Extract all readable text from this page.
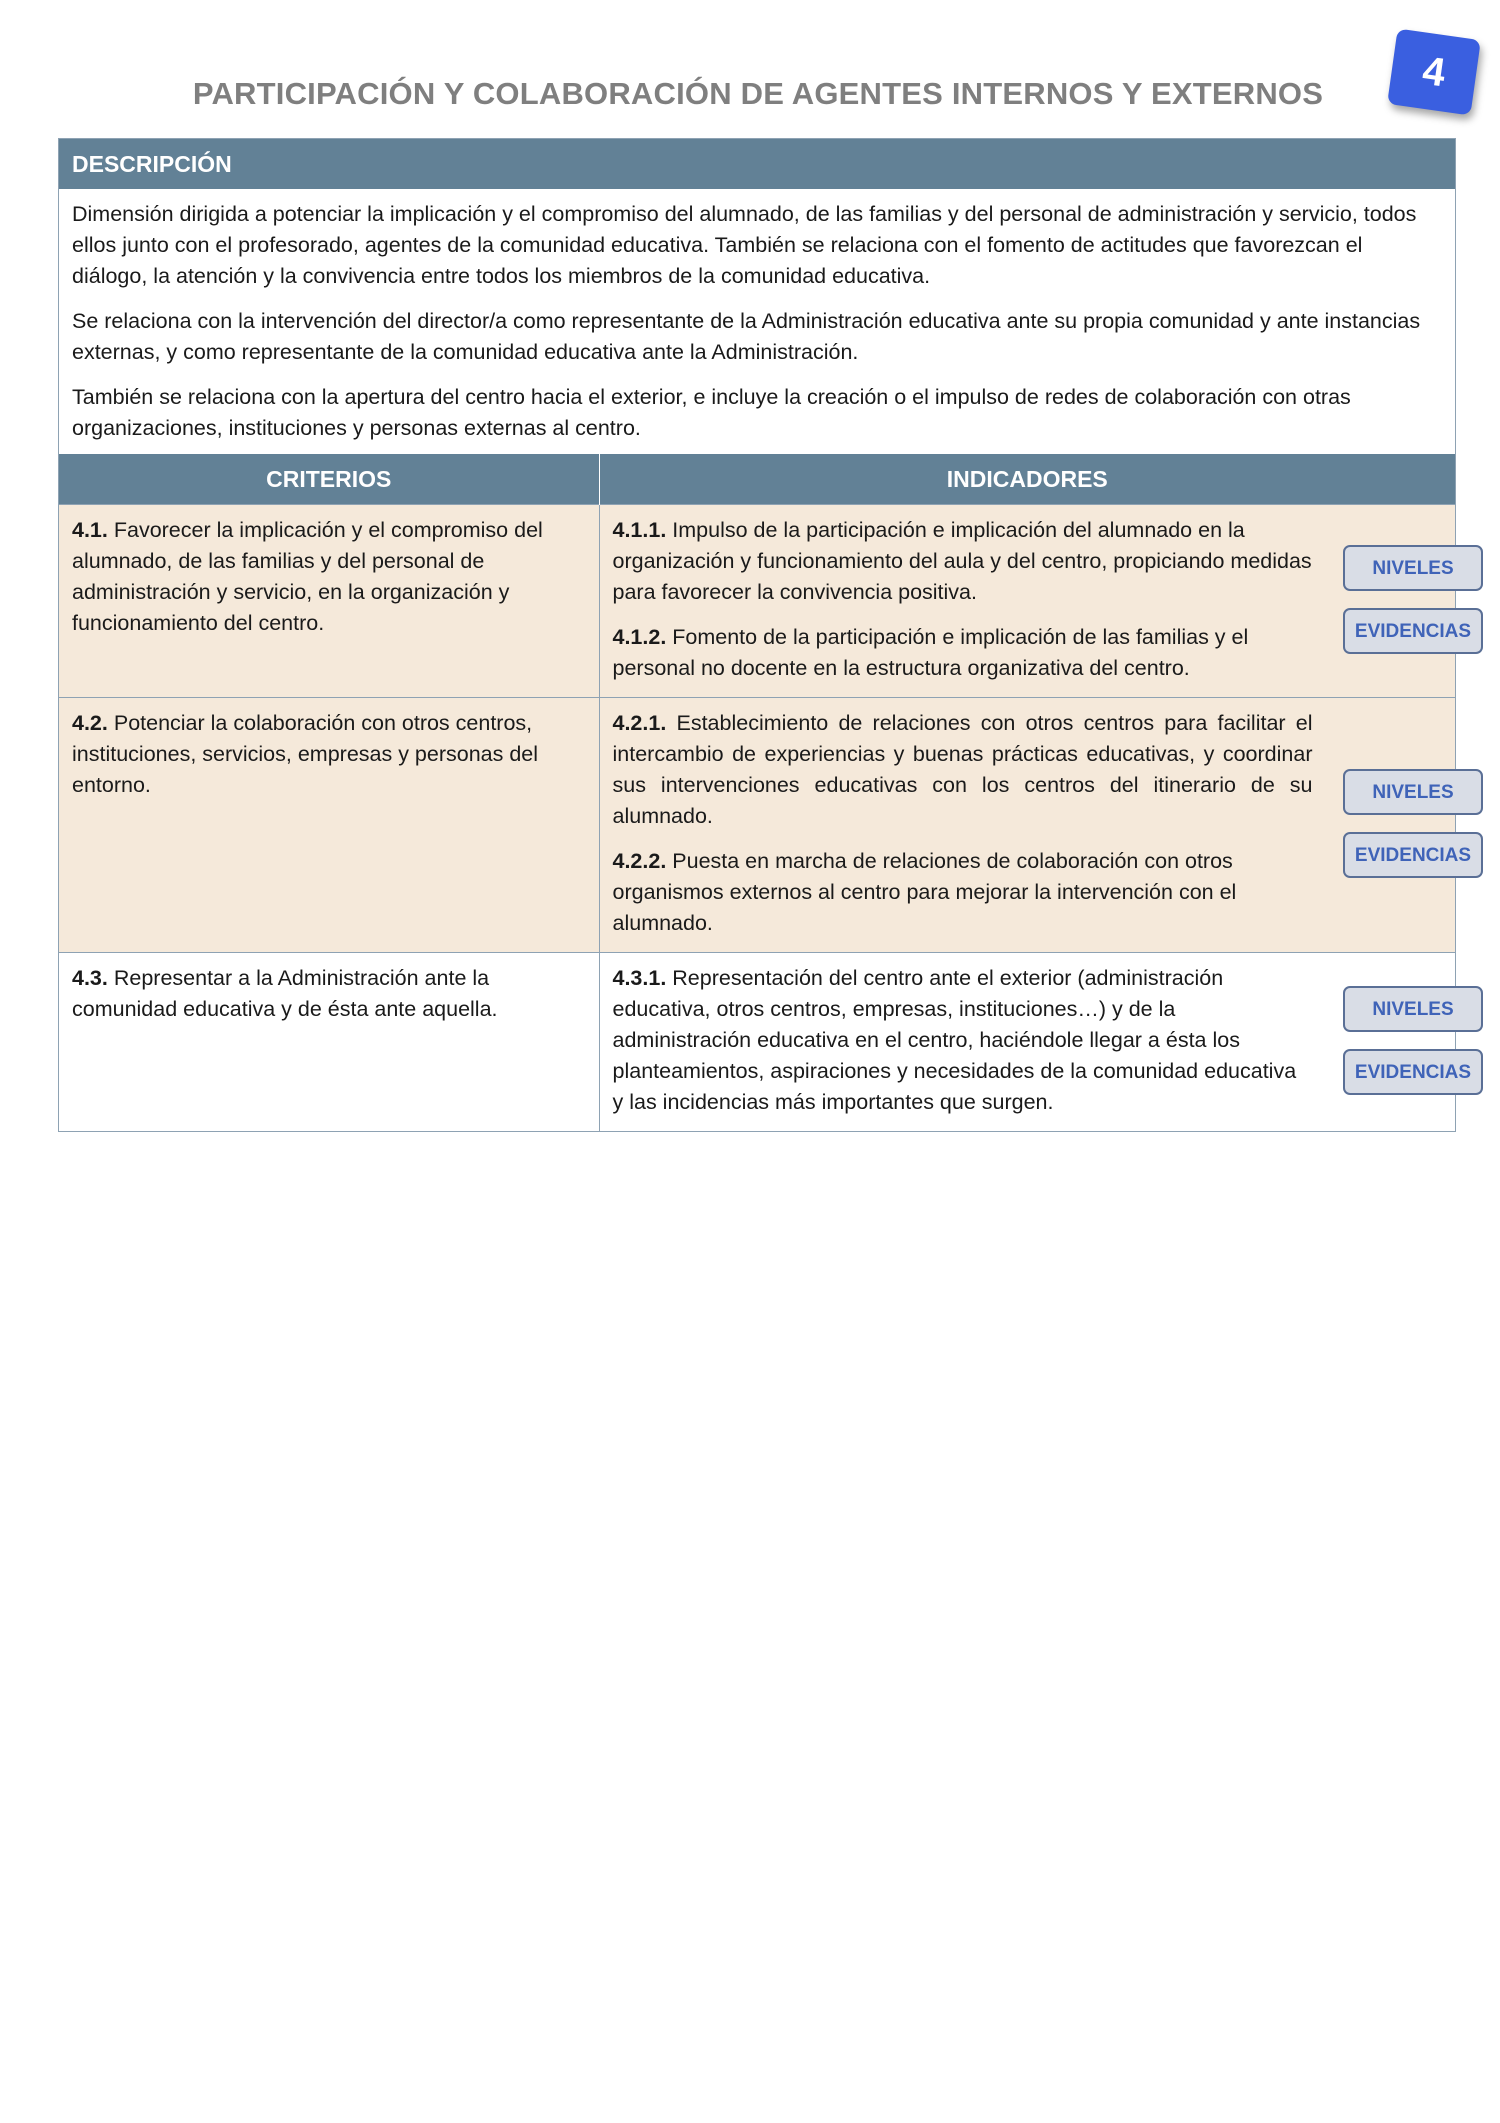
PARTICIPACIÓN Y COLABORACIÓN DE AGENTES INTERNOS Y EXTERNOS	4
DESCRIPCIÓN

Dimensión dirigida a potenciar la implicación y el compromiso del alumnado, de las familias y del personal de administración y servicio, todos ellos junto con el profesorado, agentes de la comunidad educativa. También se relaciona con el fomento de actitudes que favorezcan el diálogo, la atención y la convivencia entre todos los miembros de la comunidad educativa.

Se relaciona con la intervención del director/a como representante de la Administración educativa ante su propia comunidad y ante instancias externas, y como representante de la comunidad educativa ante la Administración.

También se relaciona con la apertura del centro hacia el exterior, e incluye la creación o el impulso de redes de colaboración con otras organizaciones, instituciones y personas externas al centro.

CRITERIOS	INDICADORES
4.1. Favorecer la implicación y el compromiso del alumnado, de las familias y del personal de administración y servicio, en la organización y funcionamiento del centro.	4.1.1. Impulso de la participación e implicación del alumnado en la organización y funcionamiento del aula y del centro, propiciando medidas para favorecer la convivencia positiva.

4.1.2. Fomento de la participación e implicación de las familias y el personal no docente en la estructura organizativa del centro.

NIVELES
EVIDENCIAS

4.2. Potenciar la colaboración con otros centros, instituciones, servicios, empresas y personas del entorno.	4.2.1. Establecimiento de relaciones con otros centros para facilitar el intercambio de experiencias y buenas prácticas educativas, y coordinar sus intervenciones educativas con los centros del itinerario de su alumnado.

4.2.2. Puesta en marcha de relaciones de colaboración con otros organismos externos al centro para mejorar la intervención con el alumnado.

NIVELES
EVIDENCIAS

4.3. Representar a la Administración ante la comunidad educativa y de ésta ante aquella.	4.3.1. Representación del centro ante el exterior (administración educativa, otros centros, empresas, instituciones…) y de la administración educativa en el centro, haciéndole llegar a ésta los planteamientos, aspiraciones y necesidades de la comunidad educativa y las incidencias más importantes que surgen.

NIVELES
EVIDENCIAS
